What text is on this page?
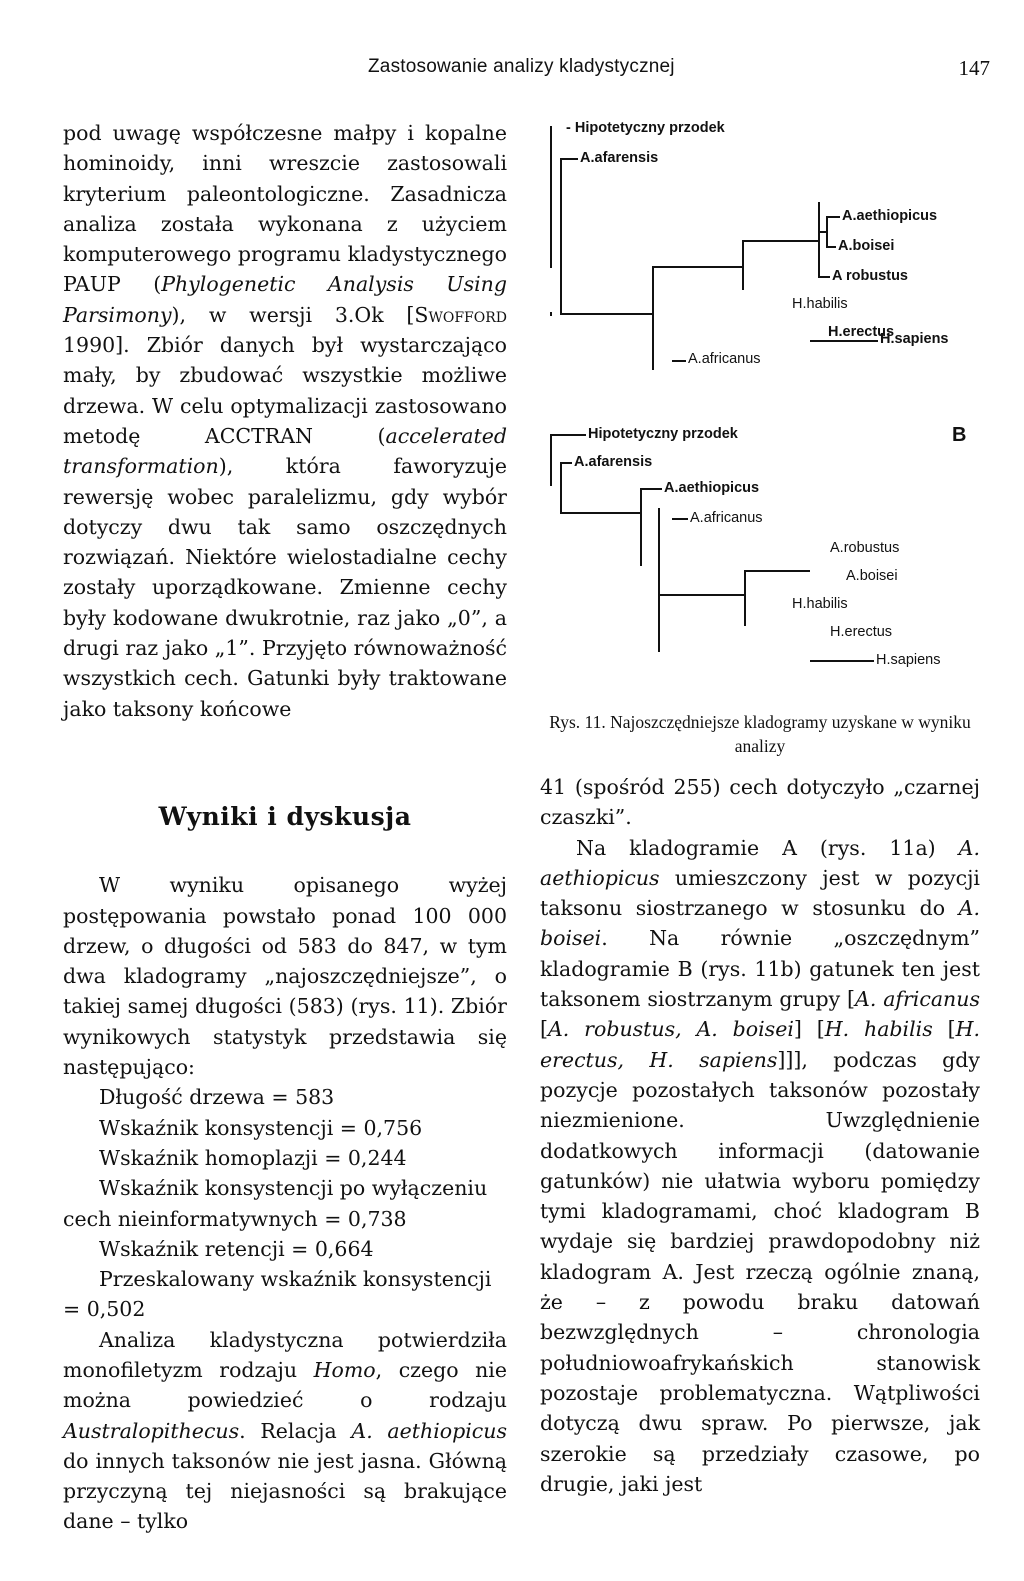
Zastosowanie analizy kladystycznej	147

pod uwagę współczesne małpy i kopalne hominoidy, inni wreszcie zastosowali kryterium paleontologiczne. Zasadnicza analiza została wykonana z użyciem komputerowego programu kladystycznego PAUP (Phylogenetic Analysis Using Parsimony), w wersji 3.Ok [Swofford 1990]. Zbiór danych był wystarczająco mały, by zbudować wszystkie możliwe drzewa. W celu optymalizacji zastosowano metodę ACCTRAN (accelerated transformation), która faworyzuje rewersję wobec paralelizmu, gdy wybór dotyczy dwu tak samo oszczędnych rozwiązań. Niektóre wielostadialne cechy zostały uporządkowane. Zmienne cechy były kodowane dwukrotnie, raz jako „0”, a drugi raz jako „1”. Przyjęto równoważność wszystkich cech. Gatunki były traktowane jako taksony końcowe

Wyniki i dyskusja

W wyniku opisanego wyżej postępowania powstało ponad 100 000 drzew, o długości od 583 do 847, w tym dwa kladogramy „najoszczędniejsze”, o takiej samej długości (583) (rys. 11). Zbiór wynikowych statystyk przedstawia się następująco:

Długość drzewa = 583

Wskaźnik konsystencji = 0,756

Wskaźnik homoplazji = 0,244

Wskaźnik konsystencji po wyłączeniu cech nieinformatywnych = 0,738

Wskaźnik retencji = 0,664

Przeskalowany wskaźnik konsystencji = 0,502

Analiza kladystyczna potwierdziła monofiletyzm rodzaju Homo, czego nie można powiedzieć o rodzaju Australopithecus. Relacja A. aethiopicus do innych taksonów nie jest jasna. Główną przyczyną tej niejasności są brakujące dane – tylko

- Hipotetyczny przodek
A.afarensis
A robustus
A.aethiopicus
A.boisei
H.habilis
H.erectus
H.sapiens
A.africanus
B
Hipotetyczny przodek
A.afarensis
A.aethiopicus
A.africanus
A.robustus
A.boisei
H.habilis
H.erectus
H.sapiens
Rys. 11. Najoszczędniejsze kladogramy uzyskane w wyniku analizy

41 (spośród 255) cech dotyczyło „czarnej czaszki”.

Na kladogramie A (rys. 11a) A. aethiopicus umieszczony jest w pozycji taksonu siostrzanego w stosunku do A. boisei. Na równie „oszczędnym” kladogramie B (rys. 11b) gatunek ten jest taksonem siostrzanym grupy [A. africanus [A. robustus, A. boisei] [H. habilis [H. erectus, H. sapiens]]], podczas gdy pozycje pozostałych taksonów pozostały niezmienione. Uwzględnienie dodatkowych informacji (datowanie gatunków) nie ułatwia wyboru pomiędzy tymi kladogramami, choć kladogram B wydaje się bardziej prawdopodobny niż kladogram A. Jest rzeczą ogólnie znaną, że – z powodu braku datowań bezwzględnych – chronologia południowoafrykańskich stanowisk pozostaje problematyczna. Wątpliwości dotyczą dwu spraw. Po pierwsze, jak szerokie są przedziały czasowe, po drugie, jaki jest
